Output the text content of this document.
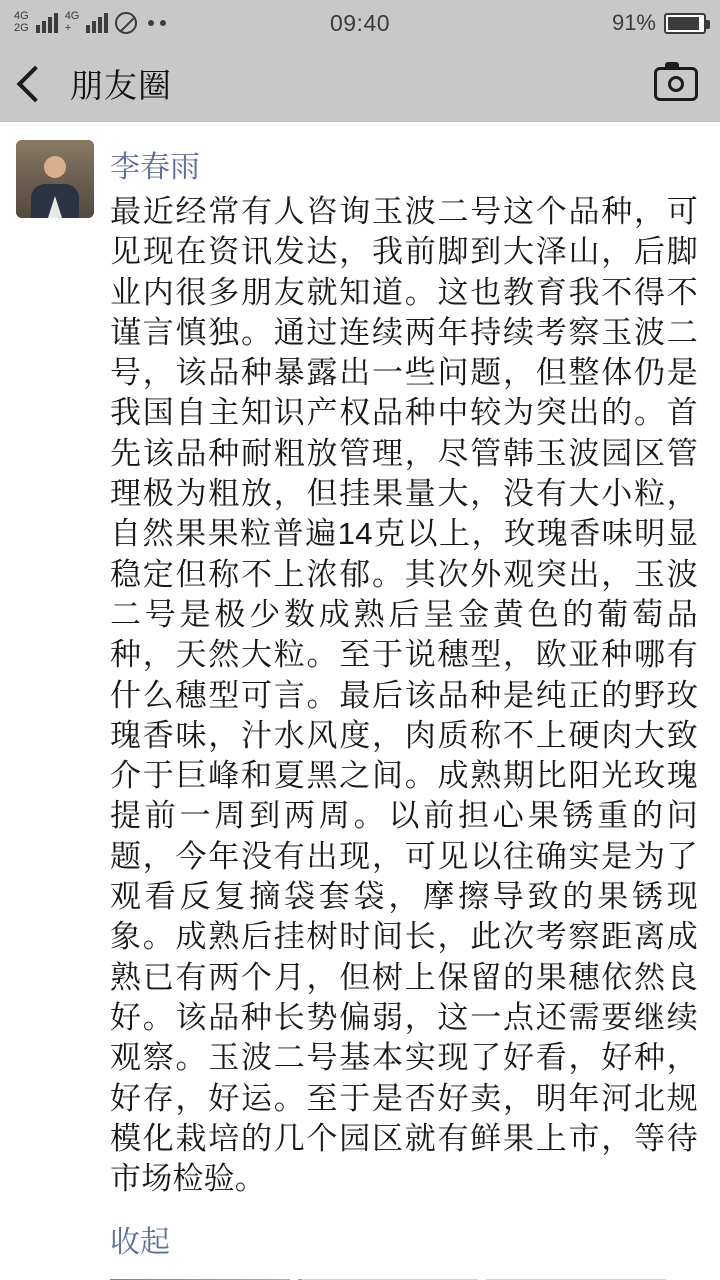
4G
2G
4G
+	09:40	91%
朋友圈
李春雨

最近经常有人咨询玉波二号这个品种，可见现在资讯发达，我前脚到大泽山，后脚业内很多朋友就知道。这也教育我不得不谨言慎独。通过连续两年持续考察玉波二号，该品种暴露出一些问题，但整体仍是我国自主知识产权品种中较为突出的。首先该品种耐粗放管理，尽管韩玉波园区管理极为粗放，但挂果量大，没有大小粒，自然果果粒普遍14克以上，玫瑰香味明显稳定但称不上浓郁。其次外观突出，玉波二号是极少数成熟后呈金黄色的葡萄品种，天然大粒。至于说穗型，欧亚种哪有什么穗型可言。最后该品种是纯正的野玫瑰香味，汁水风度，肉质称不上硬肉大致介于巨峰和夏黑之间。成熟期比阳光玫瑰提前一周到两周。以前担心果锈重的问题，今年没有出现，可见以往确实是为了观看反复摘袋套袋，摩擦导致的果锈现象。成熟后挂树时间长，此次考察距离成熟已有两个月，但树上保留的果穗依然良好。该品种长势偏弱，这一点还需要继续观察。玉波二号基本实现了好看，好种，好存，好运。至于是否好卖，明年河北规模化栽培的几个园区就有鲜果上市，等待市场检验。

收起
